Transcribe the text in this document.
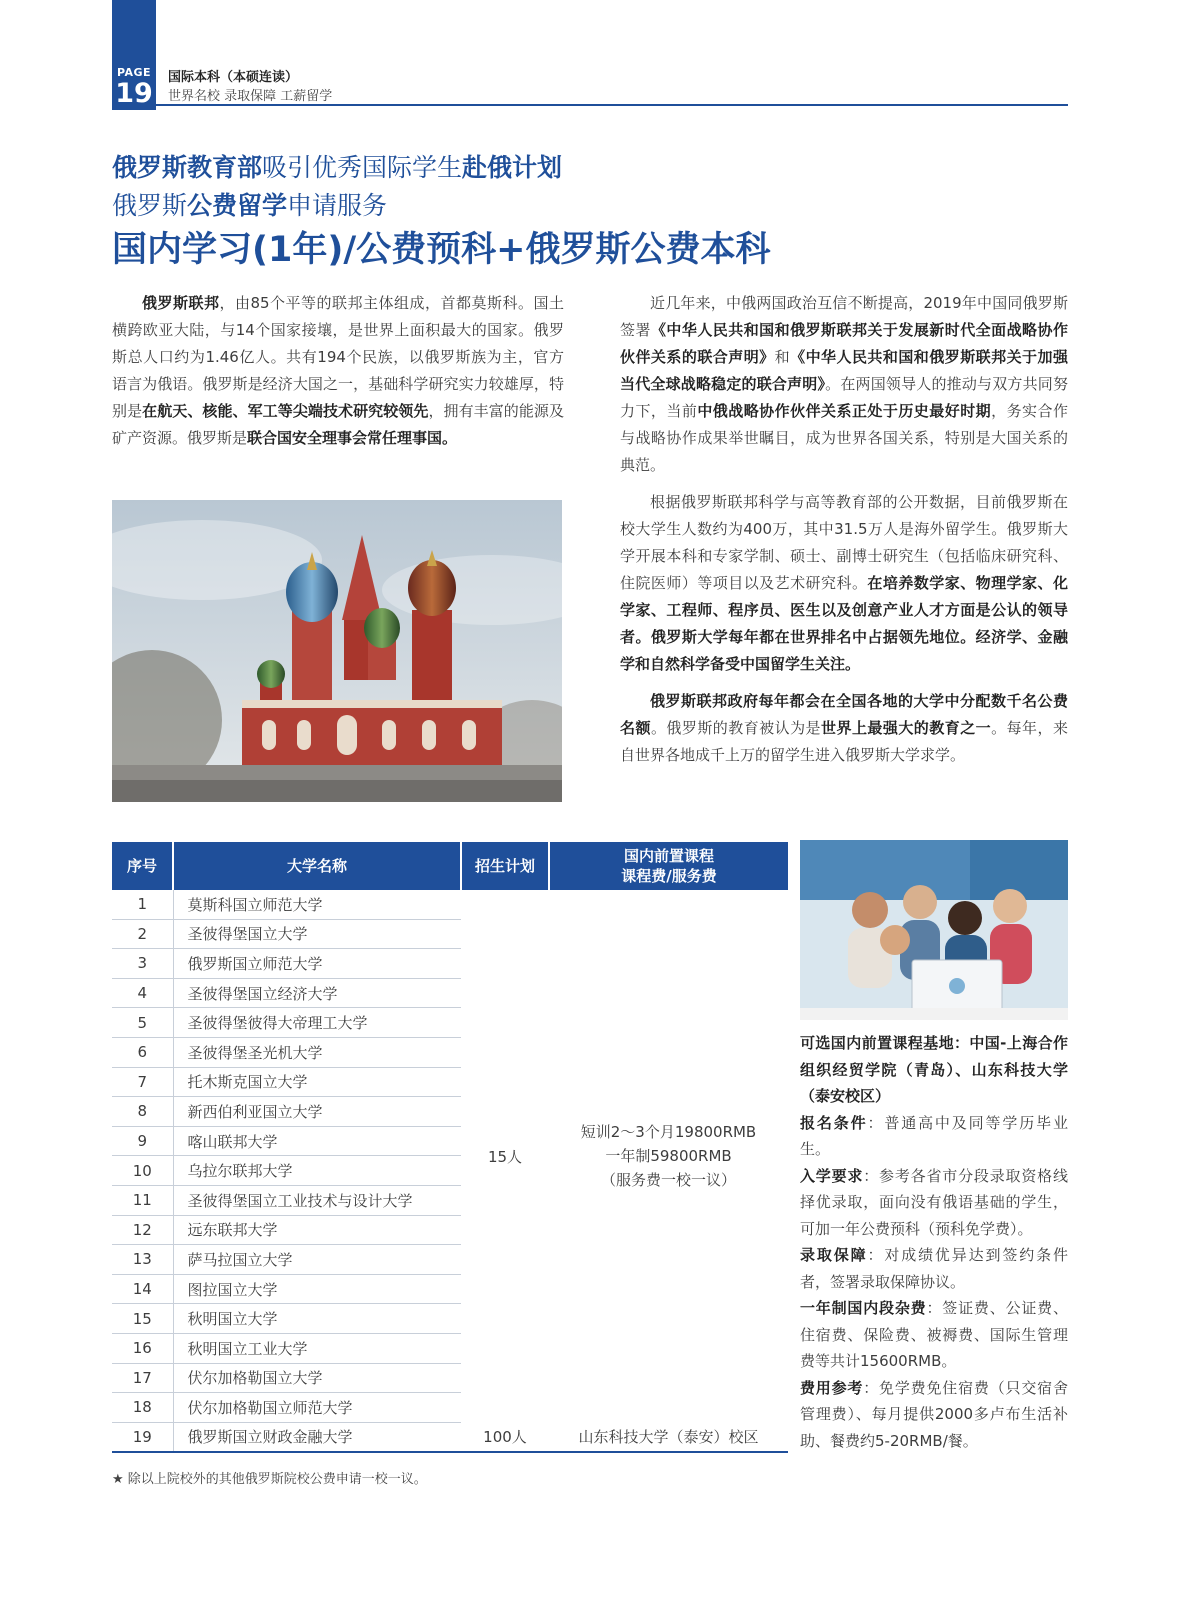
PAGE
19
国际本科（本硕连读）
世界名校 录取保障 工薪留学
俄罗斯教育部吸引优秀国际学生赴俄计划
俄罗斯公费留学申请服务
国内学习(1年)/公费预科+俄罗斯公费本科

俄罗斯联邦，由85个平等的联邦主体组成，首都莫斯科。国土横跨欧亚大陆，与14个国家接壤，是世界上面积最大的国家。俄罗斯总人口约为1.46亿人。共有194个民族，以俄罗斯族为主，官方语言为俄语。俄罗斯是经济大国之一，基础科学研究实力较雄厚，特别是在航天、核能、军工等尖端技术研究较领先，拥有丰富的能源及矿产资源。俄罗斯是联合国安全理事会常任理事国。

近几年来，中俄两国政治互信不断提高，2019年中国同俄罗斯签署《中华人民共和国和俄罗斯联邦关于发展新时代全面战略协作伙伴关系的联合声明》和《中华人民共和国和俄罗斯联邦关于加强当代全球战略稳定的联合声明》。在两国领导人的推动与双方共同努力下，当前中俄战略协作伙伴关系正处于历史最好时期，务实合作与战略协作成果举世瞩目，成为世界各国关系，特别是大国关系的典范。

根据俄罗斯联邦科学与高等教育部的公开数据，目前俄罗斯在校大学生人数约为400万，其中31.5万人是海外留学生。俄罗斯大学开展本科和专家学制、硕士、副博士研究生（包括临床研究科、住院医师）等项目以及艺术研究科。在培养数学家、物理学家、化学家、工程师、程序员、医生以及创意产业人才方面是公认的领导者。俄罗斯大学每年都在世界排名中占据领先地位。经济学、金融学和自然科学备受中国留学生关注。

俄罗斯联邦政府每年都会在全国各地的大学中分配数千名公费名额。俄罗斯的教育被认为是世界上最强大的教育之一。每年，来自世界各地成千上万的留学生进入俄罗斯大学求学。

序号	大学名称	招生计划	国内前置课程
课程费/服务费
1	莫斯科国立师范大学	15人	短训2～3个月19800RMB
一年制59800RMB
（服务费一校一议）

2	圣彼得堡国立大学		
3	俄罗斯国立师范大学		
4	圣彼得堡国立经济大学		
5	圣彼得堡彼得大帝理工大学		
6	圣彼得堡圣光机大学		
7	托木斯克国立大学		
8	新西伯利亚国立大学		
9	喀山联邦大学		
10	乌拉尔联邦大学		
11	圣彼得堡国立工业技术与设计大学		
12	远东联邦大学		
13	萨马拉国立大学		
14	图拉国立大学		
15	秋明国立大学		
16	秋明国立工业大学		
17	伏尔加格勒国立大学		
18	伏尔加格勒国立师范大学		
19	俄罗斯国立财政金融大学	100人	山东科技大学（泰安）校区
★ 除以上院校外的其他俄罗斯院校公费申请一校一议。

可选国内前置课程基地：中国-上海合作组织经贸学院（青岛）、山东科技大学（泰安校区）

报名条件：普通高中及同等学历毕业生。

入学要求：参考各省市分段录取资格线择优录取，面向没有俄语基础的学生，可加一年公费预科（预科免学费）。

录取保障：对成绩优异达到签约条件者，签署录取保障协议。

一年制国内段杂费：签证费、公证费、住宿费、保险费、被褥费、国际生管理费等共计15600RMB。

费用参考：免学费免住宿费（只交宿舍管理费）、每月提供2000多卢布生活补助、餐费约5-20RMB/餐。
